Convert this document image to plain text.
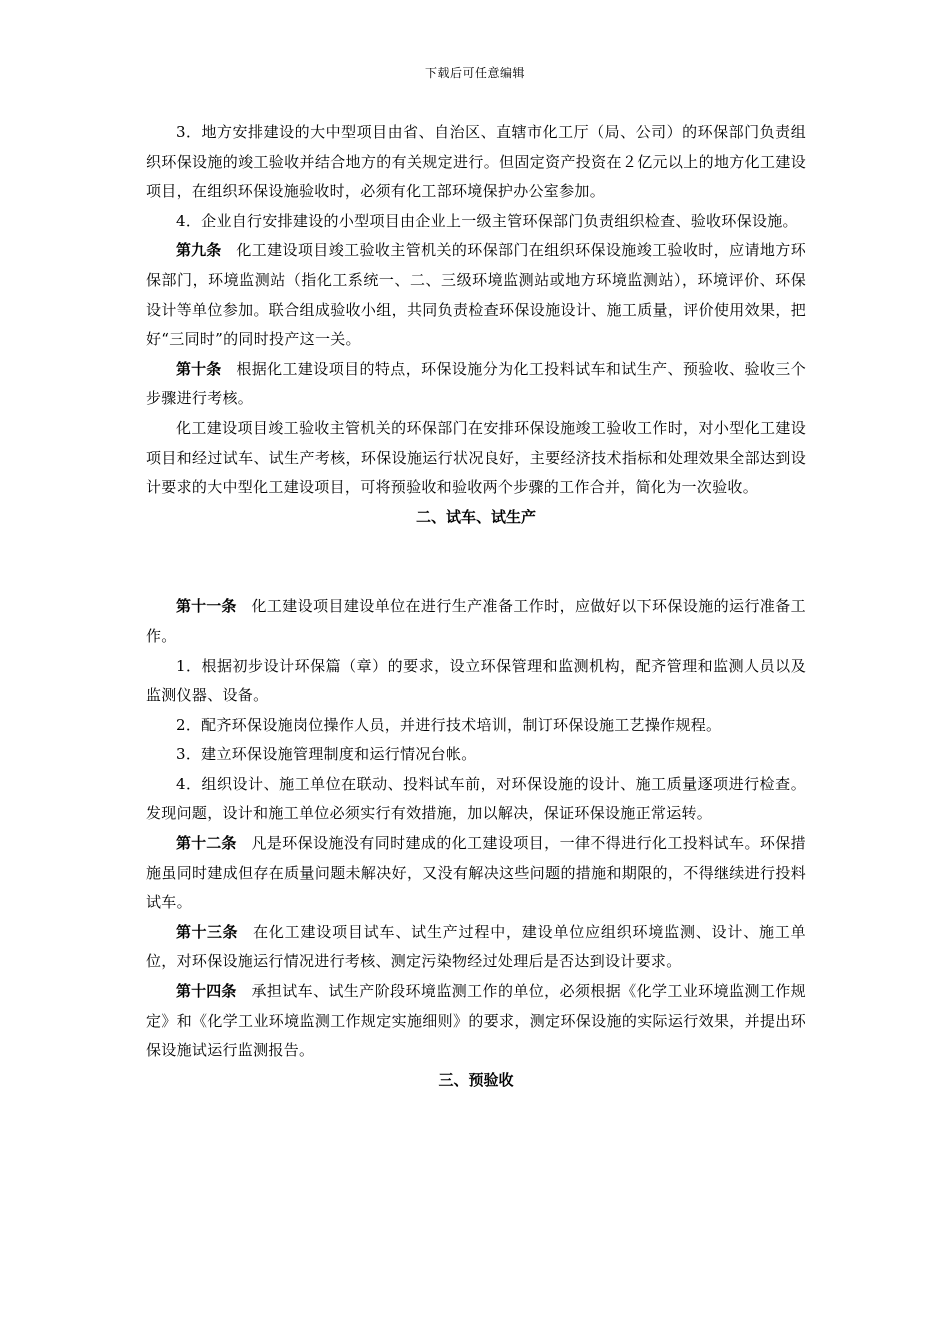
下载后可任意编辑

3．地方安排建设的大中型项目由省、自治区、直辖市化工厅（局、公司）的环保部门负责组织环保设施的竣工验收并结合地方的有关规定进行。但固定资产投资在２亿元以上的地方化工建设项目，在组织环保设施验收时，必须有化工部环境保护办公室参加。

4．企业自行安排建设的小型项目由企业上一级主管环保部门负责组织检查、验收环保设施。

第九条 化工建设项目竣工验收主管机关的环保部门在组织环保设施竣工验收时，应请地方环保部门，环境监测站（指化工系统一、二、三级环境监测站或地方环境监测站），环境评价、环保设计等单位参加。联合组成验收小组，共同负责检查环保设施设计、施工质量，评价使用效果，把好“三同时”的同时投产这一关。

第十条 根据化工建设项目的特点，环保设施分为化工投料试车和试生产、预验收、验收三个步骤进行考核。

化工建设项目竣工验收主管机关的环保部门在安排环保设施竣工验收工作时，对小型化工建设项目和经过试车、试生产考核，环保设施运行状况良好，主要经济技术指标和处理效果全部达到设计要求的大中型化工建设项目，可将预验收和验收两个步骤的工作合并，简化为一次验收。

二、试车、试生产

第十一条 化工建设项目建设单位在进行生产准备工作时，应做好以下环保设施的运行准备工作。

1．根据初步设计环保篇（章）的要求，设立环保管理和监测机构，配齐管理和监测人员以及监测仪器、设备。

2．配齐环保设施岗位操作人员，并进行技术培训，制订环保设施工艺操作规程。

3．建立环保设施管理制度和运行情况台帐。

4．组织设计、施工单位在联动、投料试车前，对环保设施的设计、施工质量逐项进行检查。发现问题，设计和施工单位必须实行有效措施，加以解决，保证环保设施正常运转。

第十二条 凡是环保设施没有同时建成的化工建设项目，一律不得进行化工投料试车。环保措施虽同时建成但存在质量问题未解决好，又没有解决这些问题的措施和期限的，不得继续进行投料试车。

第十三条 在化工建设项目试车、试生产过程中，建设单位应组织环境监测、设计、施工单位，对环保设施运行情况进行考核、测定污染物经过处理后是否达到设计要求。

第十四条 承担试车、试生产阶段环境监测工作的单位，必须根据《化学工业环境监测工作规定》和《化学工业环境监测工作规定实施细则》的要求，测定环保设施的实际运行效果，并提出环保设施试运行监测报告。

三、预验收
